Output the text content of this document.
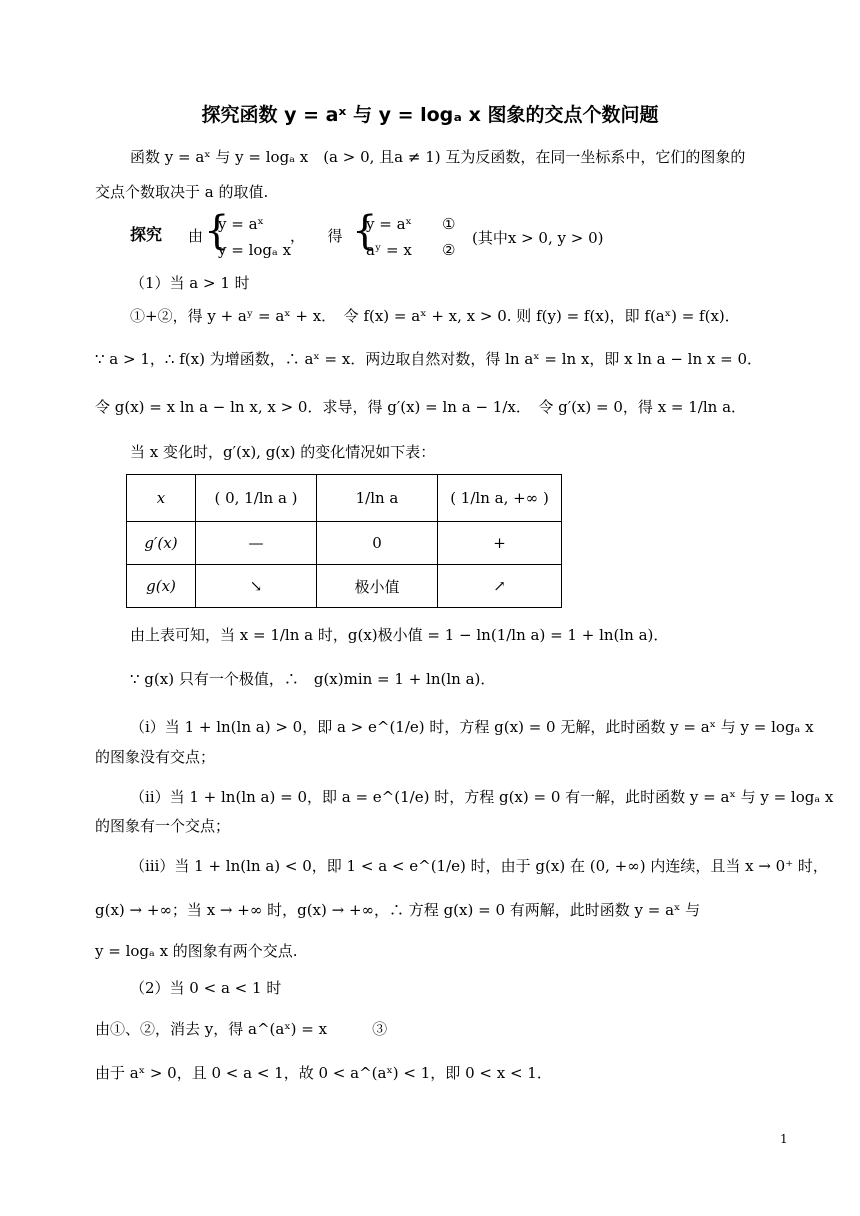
探究函数 y = aˣ 与 y = logₐ x 图象的交点个数问题
函数 y = aˣ 与 y = logₐ x　(a > 0, 且a ≠ 1) 互为反函数，在同一坐标系中，它们的图象的
交点个数取决于 a 的取值.
探究 由 {
y = aˣ
y = logₐ x
，　　得 {
y = aˣ
aʸ = x
①
②
(其中x > 0, y > 0)
（1）当 a > 1 时
①+②，得 y + aʸ = aˣ + x．　令 f(x) = aˣ + x, x > 0. 则 f(y) = f(x)，即 f(aˣ) = f(x)．
∵ a > 1，∴ f(x) 为增函数，∴ aˣ = x．两边取自然对数，得 ln aˣ = ln x，即 x ln a − ln x = 0．
令 g(x) = x ln a − ln x, x > 0．求导，得 g′(x) = ln a − 1/x．　令 g′(x) = 0，得 x = 1/ln a．
当 x 变化时，g′(x), g(x) 的变化情况如下表：
x	( 0, 1/ln a )	1/ln a	( 1/ln a, +∞ )
g′(x)	—	0	+
g(x)	↘	极小值	↗
由上表可知，当 x = 1/ln a 时，g(x)极小值 = 1 − ln(1/ln a) = 1 + ln(ln a)．
∵ g(x) 只有一个极值，∴　g(x)min = 1 + ln(ln a)．
（ⅰ）当 1 + ln(ln a) > 0，即 a > e^(1/e) 时，方程 g(x) = 0 无解，此时函数 y = aˣ 与 y = logₐ x
的图象没有交点；
（ⅱ）当 1 + ln(ln a) = 0，即 a = e^(1/e) 时，方程 g(x) = 0 有一解，此时函数 y = aˣ 与 y = logₐ x
的图象有一个交点；
（ⅲ）当 1 + ln(ln a) < 0，即 1 < a < e^(1/e) 时，由于 g(x) 在 (0, +∞) 内连续，且当 x → 0⁺ 时，
g(x) → +∞；当 x → +∞ 时，g(x) → +∞，∴ 方程 g(x) = 0 有两解，此时函数 y = aˣ 与
y = logₐ x 的图象有两个交点.
（2）当 0 < a < 1 时
由①、②，消去 y，得 a^(aˣ) = x　　　③
由于 aˣ > 0，且 0 < a < 1，故 0 < a^(aˣ) < 1，即 0 < x < 1．
1
